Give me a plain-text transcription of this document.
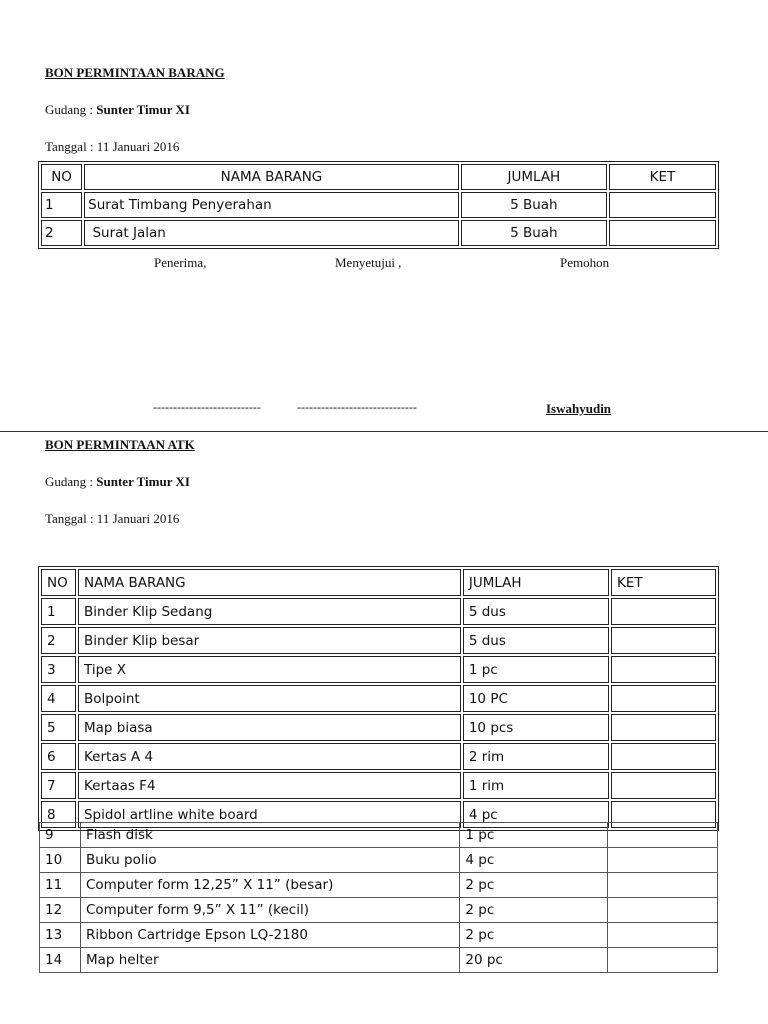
BON PERMINTAAN BARANG
Gudang : Sunter Timur XI
Tanggal : 11 Januari 2016
NO	NAMA BARANG	JUMLAH	KET
1	Surat Timbang Penyerahan	5 Buah	
2	Surat Jalan	5 Buah	
Penerima,	Menyetujui ,	Pemohon
---------------------------	------------------------------	Iswahyudin
BON PERMINTAAN ATK
Gudang : Sunter Timur XI
Tanggal : 11 Januari 2016
NO	NAMA BARANG	JUMLAH	KET
1	Binder Klip Sedang	5 dus	
2	Binder Klip besar	5 dus	
3	Tipe X	1 pc	
4	Bolpoint	10 PC	
5	Map biasa	10 pcs	
6	Kertas A 4	2 rim	
7	Kertaas F4	1 rim	
8	Spidol artline white board	4 pc	
9	Flash disk	1 pc	
10	Buku polio	4 pc	
11	Computer form 12,25” X 11” (besar)	2 pc	
12	Computer form 9,5” X 11” (kecil)	2 pc	
13	Ribbon Cartridge Epson LQ-2180	2 pc	
14	Map helter	20 pc	
